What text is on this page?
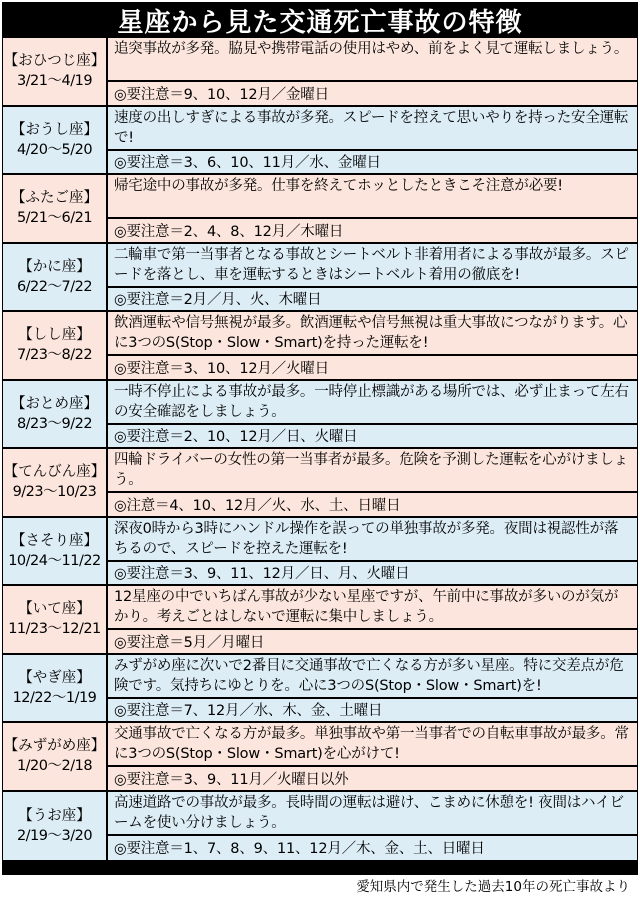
星座から見た交通死亡事故の特徴
【おひつじ座】
3/21〜4/19
追突事故が多発。脇見や携帯電話の使用はやめ、前をよく見て運転しましょう。
◎要注意＝9、10、12月／金曜日
【おうし座】
4/20〜5/20
速度の出しすぎによる事故が多発。スピードを控えて思いやりを持った安全運転で!
◎要注意＝3、6、10、11月／水、金曜日
【ふたご座】
5/21〜6/21
帰宅途中の事故が多発。仕事を終えてホッとしたときこそ注意が必要!
◎要注意＝2、4、8、12月／木曜日
【かに座】
6/22〜7/22
二輪車で第一当事者となる事故とシートベルト非着用者による事故が最多。スピードを落とし、車を運転するときはシートベルト着用の徹底を!
◎要注意＝2月／月、火、木曜日
【しし座】
7/23〜8/22
飲酒運転や信号無視が最多。飲酒運転や信号無視は重大事故につながります。心に3つのS(Stop・Slow・Smart)を持った運転を!
◎要注意＝3、10、12月／火曜日
【おとめ座】
8/23〜9/22
一時不停止による事故が最多。一時停止標識がある場所では、必ず止まって左右の安全確認をしましょう。
◎要注意＝2、10、12月／日、火曜日
【てんびん座】
9/23〜10/23
四輪ドライバーの女性の第一当事者が最多。危険を予測した運転を心がけましょう。
◎注意＝4、10、12月／火、水、土、日曜日
【さそり座】
10/24〜11/22
深夜0時から3時にハンドル操作を誤っての単独事故が多発。夜間は視認性が落ちるので、スピードを控えた運転を!
◎要注意＝3、9、11、12月／日、月、火曜日
【いて座】
11/23〜12/21
12星座の中でいちばん事故が少ない星座ですが、午前中に事故が多いのが気がかり。考えごとはしないで運転に集中しましょう。
◎要注意＝5月／月曜日
【やぎ座】
12/22〜1/19
みずがめ座に次いで2番目に交通事故で亡くなる方が多い星座。特に交差点が危険です。気持ちにゆとりを。心に3つのS(Stop・Slow・Smart)を!
◎要注意＝7、12月／水、木、金、土曜日
【みずがめ座】
1/20〜2/18
交通事故で亡くなる方が最多。単独事故や第一当事者での自転車事故が最多。常に3つのS(Stop・Slow・Smart)を心がけて!
◎要注意＝3、9、11月／火曜日以外
【うお座】
2/19〜3/20
高速道路での事故が最多。長時間の運転は避け、こまめに休憩を! 夜間はハイビームを使い分けましょう。
◎要注意＝1、7、8、9、11、12月／木、金、土、日曜日
愛知県内で発生した過去10年の死亡事故より
